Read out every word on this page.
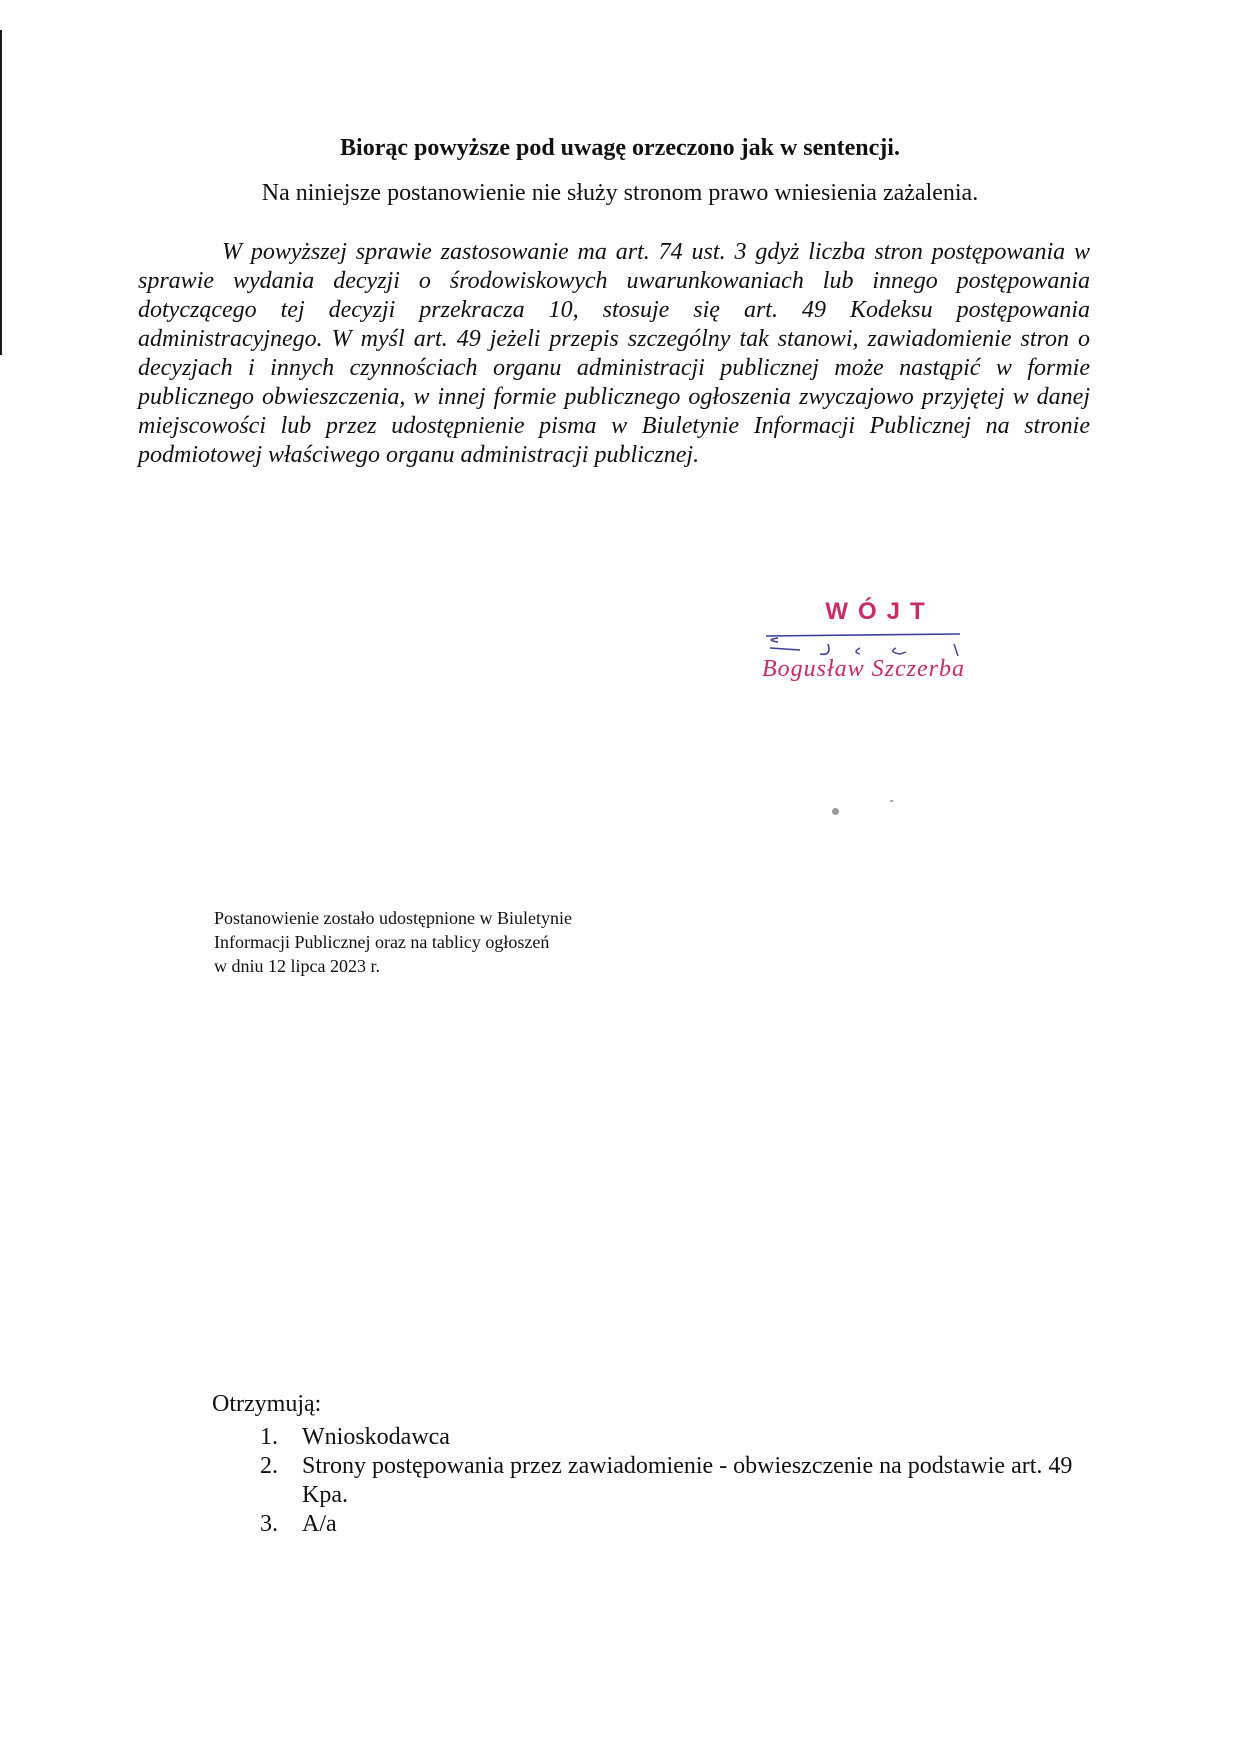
Biorąc powyższe pod uwagę orzeczono jak w sentencji.

Na niniejsze postanowienie nie służy stronom prawo wniesienia zażalenia.

W powyższej sprawie zastosowanie ma art. 74 ust. 3 gdyż liczba stron postępowania w sprawie wydania decyzji o środowiskowych uwarunkowaniach lub innego postępowania dotyczącego tej decyzji przekracza 10, stosuje się art. 49 Kodeksu postępowania administracyjnego. W myśl art. 49 jeżeli przepis szczególny tak stanowi, zawiadomienie stron o decyzjach i innych czynnościach organu administracji publicznej może nastąpić w formie publicznego obwieszczenia, w innej formie publicznego ogłoszenia zwyczajowo przyjętej w danej miejscowości lub przez udostępnienie pisma w Biuletynie Informacji Publicznej na stronie podmiotowej właściwego organu administracji publicznej.

WÓJT
Bogusław Szczerba

Postanowienie zostało udostępnione w Biuletynie
Informacji Publicznej oraz na tablicy ogłoszeń
w dniu 12 lipca 2023 r.

Otrzymują:

1. Wnioskodawca
2. Strony postępowania przez zawiadomienie - obwieszczenie na podstawie art. 49 Kpa.
3. A/a
